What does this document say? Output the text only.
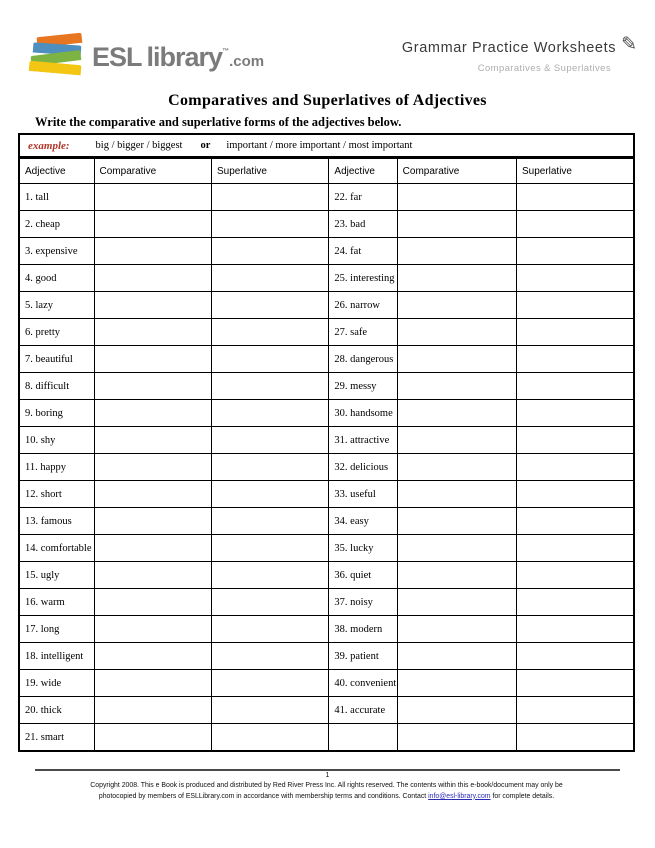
ESL library ™
.com
Grammar Practice Worksheets ✎
Comparatives & Superlatives
Comparatives and Superlatives of Adjectives
Write the comparative and superlative forms of the adjectives below.
example: big / bigger / biggest or important / more important / most important
Adjective	Comparative	Superlative	Adjective	Comparative	Superlative
1. tall			22. far		
2. cheap			23. bad		
3. expensive			24. fat		
4. good			25. interesting		
5. lazy			26. narrow		
6. pretty			27. safe		
7. beautiful			28. dangerous		
8. difficult			29. messy		
9. boring			30. handsome		
10. shy			31. attractive		
11. happy			32. delicious		
12. short			33. useful		
13. famous			34. easy		
14. comfortable			35. lucky		
15. ugly			36. quiet		
16. warm			37. noisy		
17. long			38. modern		
18. intelligent			39. patient		
19. wide			40. convenient		
20. thick			41. accurate		
21. smart					
1
Copyright 2008. This e Book is produced and distributed by Red River Press Inc. All rights reserved. The contents within this e-book/document may only be
photocopied by members of ESLLibrary.com in accordance with membership terms and conditions. Contact info@esl-library.com for complete details.
